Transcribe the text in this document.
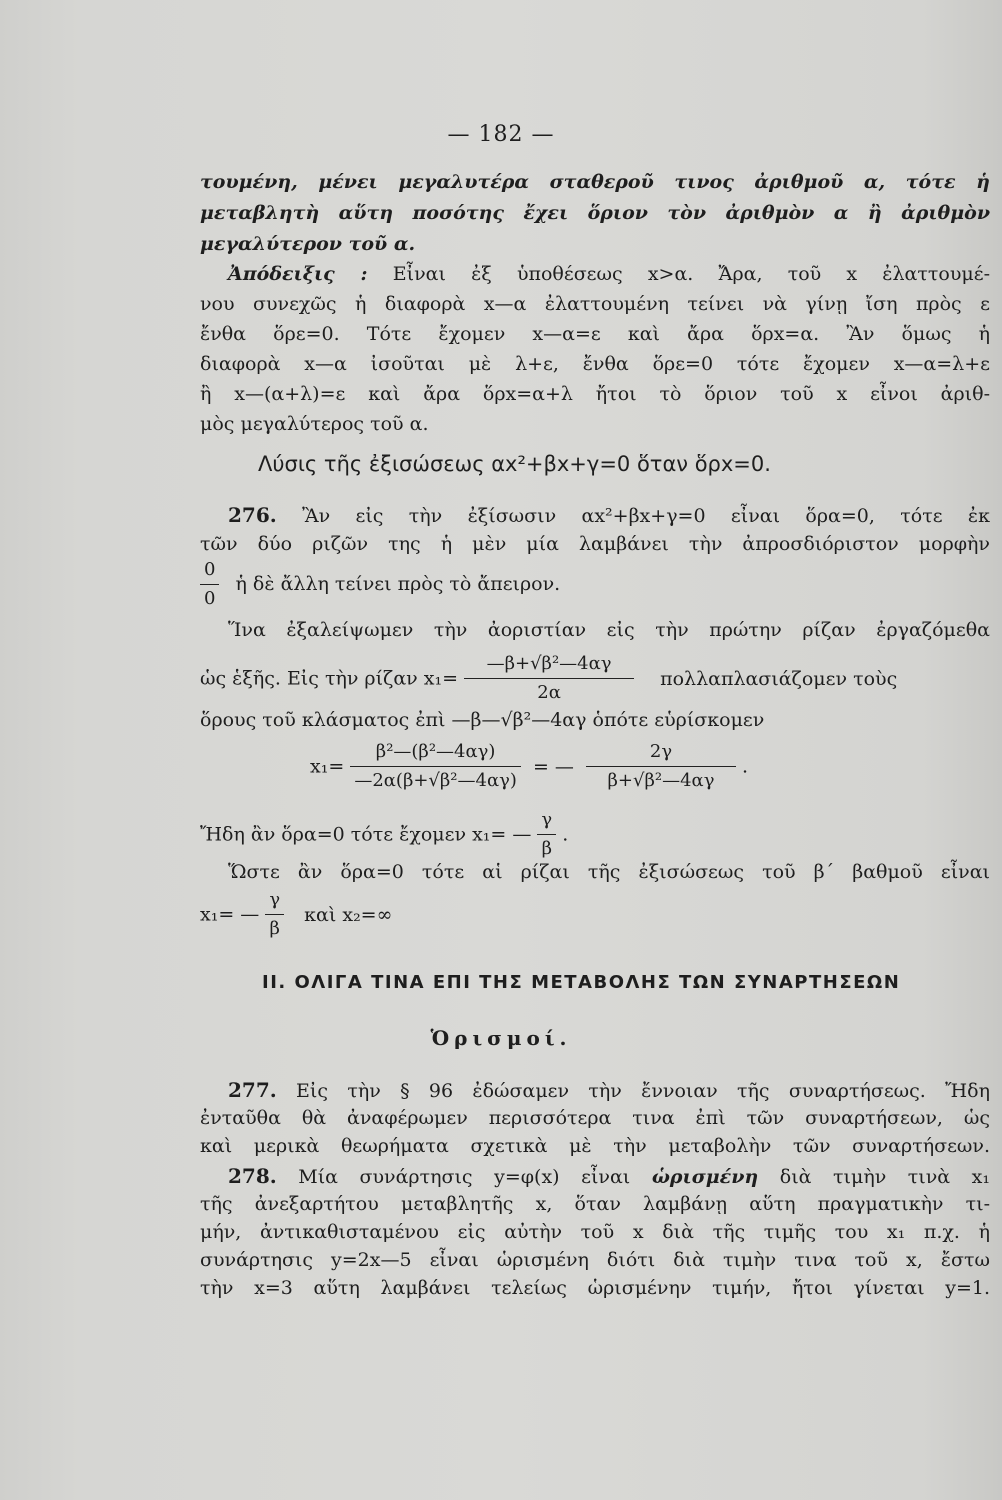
— 182 —
τουμένη, μένει μεγαλυτέρα σταθεροῦ τινος ἀριθμοῦ α, τότε ἡ
μεταβλητὴ αὕτη ποσότης ἔχει ὅριον τὸν ἀριθμὸν α ἢ ἀριθμὸν
μεγαλύτερον τοῦ α.
Ἀπόδειξις : Εἶναι ἐξ ὑποθέσεως x>α. Ἄρα, τοῦ x ἐλαττουμέ-
νου συνεχῶς ἡ διαφορὰ x—α ἐλαττουμένη τείνει νὰ γίνῃ ἴση πρὸς ε
ἔνθα ὅρε=0. Τότε ἔχομεν x—α=ε καὶ ἄρα ὅρx=α. Ἂν ὅμως ἡ
διαφορὰ x—α ἰσοῦται μὲ λ+ε, ἔνθα ὅρε=0 τότε ἔχομεν x—α=λ+ε
ἢ x—(α+λ)=ε καὶ ἄρα ὅρx=α+λ ἤτοι τὸ ὅριον τοῦ x εἶνοι ἀριθ-
μὸς μεγαλύτερος τοῦ α.
Λύσις τῆς ἐξισώσεως αx²+βx+γ=0 ὅταν ὅρx=0.
276. Ἂν εἰς τὴν ἐξίσωσιν αx²+βx+γ=0 εἶναι ὅρα=0, τότε ἐκ
τῶν δύο ριζῶν της ἡ μὲν μία λαμβάνει τὴν ἀπροσδιόριστον μορφὴν
$\frac{0}{0}$ ἡ δὲ ἄλλη τείνει πρὸς τὸ ἄπειρον.
Ἵνα ἐξαλείψωμεν τὴν ἀοριστίαν εἰς τὴν πρώτην ρίζαν ἐργαζόμεθα
ὡς ἑξῆς. Εἰς τὴν ρίζαν $x_1= \frac{\text{—β+√β²—4αγ}}{2\alpha}$ πολλαπλασιάζομεν τοὺς
ὅρους τοῦ κλάσματος ἐπὶ —β—√β²—4αγ ὁπότε εὑρίσκομεν
$x_1= \frac{\text{β²—(β²—4αγ)}}{\text{—2α(β+√β²—4αγ)}}$ = — $\frac{2\gamma}{\text{β+√β²—4αγ}}$ .
Ἤδη ἂν ὅρα=0 τότε ἔχομεν x₁= — $\frac{\gamma}{\beta}$ .
Ὥστε ἂν ὅρα=0 τότε αἱ ρίζαι τῆς ἐξισώσεως τοῦ β΄ βαθμοῦ εἶναι
x₁= — $\frac{\gamma}{\beta}$ καὶ x₂=∞
II. ΟΛΙΓΑ ΤΙΝΑ ΕΠΙ ΤΗΣ ΜΕΤΑΒΟΛΗΣ ΤΩΝ ΣΥΝΑΡΤΗΣΕΩΝ
Ὁρισμοί.
277. Εἰς τὴν § 96 ἐδώσαμεν τὴν ἔννοιαν τῆς συναρτήσεως. Ἤδη
ἐνταῦθα θὰ ἀναφέρωμεν περισσότερα τινα ἐπὶ τῶν συναρτήσεων, ὡς
καὶ μερικὰ θεωρήματα σχετικὰ μὲ τὴν μεταβολὴν τῶν συναρτήσεων.
278. Μία συνάρτησις y=φ(x) εἶναι ὡρισμένη διὰ τιμὴν τινὰ x₁
τῆς ἀνεξαρτήτου μεταβλητῆς x, ὅταν λαμβάνῃ αὕτη πραγματικὴν τι-
μήν, ἀντικαθισταμένου εἰς αὐτὴν τοῦ x διὰ τῆς τιμῆς του x₁ π.χ. ἡ
συνάρτησις y=2x—5 εἶναι ὡρισμένη διότι διὰ τιμὴν τινα τοῦ x, ἔστω
τὴν x=3 αὕτη λαμβάνει τελείως ὡρισμένην τιμήν, ἤτοι γίνεται y=1.
